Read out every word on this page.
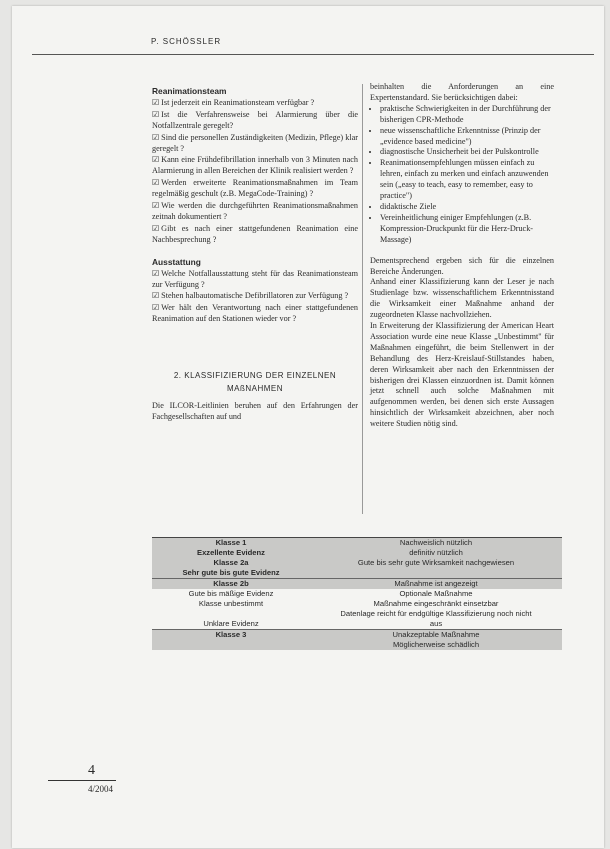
P. SCHÖSSLER
Reanimationsteam
☑ Ist jederzeit ein Reanimationsteam verfügbar ?
☑ Ist die Verfahrensweise bei Alarmierung über die Notfallzentrale geregelt?
☑ Sind die personellen Zuständigkeiten (Medizin, Pflege) klar geregelt ?
☑ Kann eine Frühdefibrillation innerhalb von 3 Minuten nach Alarmierung in allen Bereichen der Klinik realisiert werden ?
☑ Werden erweiterte Reanimationsmaßnahmen im Team regelmäßig geschult (z.B. MegaCode-Training) ?
☑ Wie werden die durchgeführten Reanimationsmaßnahmen zeitnah dokumentiert ?
☑ Gibt es nach einer stattgefundenen Reanimation eine Nachbesprechung ?
Ausstattung
☑ Welche Notfallausstattung steht für das Reanimationsteam zur Verfügung ?
☑ Stehen halbautomatische Defibrillatoren zur Verfügung ?
☑ Wer hält den Verantwortung nach einer stattgefundenen Reanimation auf den Stationen wieder vor ?
2. KLASSIFIZIERUNG DER EINZELNEN MAßNAHMEN
Die ILCOR-Leitlinien beruhen auf den Erfahrungen der Fachgesellschaften auf und

beinhalten die Anforderungen an eine Expertenstandard. Sie berücksichtigen dabei:

• praktische Schwierigkeiten in der Durchführung der bisherigen CPR-Methode
• neue wissenschaftliche Erkenntnisse (Prinzip der „evidence based medicine")
• diagnostische Unsicherheit bei der Pulskontrolle
• Reanimationsempfehlungen müssen einfach zu lehren, einfach zu merken und einfach anzuwenden sein („easy to teach, easy to remember, easy to practice")
• didaktische Ziele
• Vereinheitlichung einiger Empfehlungen (z.B. Kompression-Druckpunkt für die Herz-Druck-Massage)

Dementsprechend ergeben sich für die einzelnen Bereiche Änderungen.

Anhand einer Klassifizierung kann der Leser je nach Studienlage bzw. wissenschaftlichem Erkenntnisstand die Wirksamkeit einer Maßnahme anhand der zugeordneten Klasse nachvollziehen.

In Erweiterung der Klassifizierung der American Heart Association wurde eine neue Klasse „Unbestimmt" für Maßnahmen eingeführt, die beim Stellenwert in der Behandlung des Herz-Kreislauf-Stillstandes haben, deren Wirksamkeit aber nach den Erkenntnissen der bisherigen drei Klassen einzuordnen ist. Damit können jetzt schnell auch solche Maßnahmen mit aufgenommen werden, bei denen sich erste Aussagen hinsichtlich der Wirksamkeit abzeichnen, aber noch weitere Studien nötig sind.

Klasse 1	Nachweislich nützlich
Exzellente Evidenz	definitiv nützlich
Klasse 2a	Gute bis sehr gute Wirksamkeit nachgewiesen
Sehr gute bis gute Evidenz	
Klasse 2b	Maßnahme ist angezeigt
Gute bis mäßige Evidenz	Optionale Maßnahme
Klasse unbestimmt	Maßnahme eingeschränkt einsetzbar
	Datenlage reicht für endgültige Klassifizierung noch nicht
Unklare Evidenz	aus
Klasse 3	Unakzeptable Maßnahme
	Möglicherweise schädlich
4
4/2004
